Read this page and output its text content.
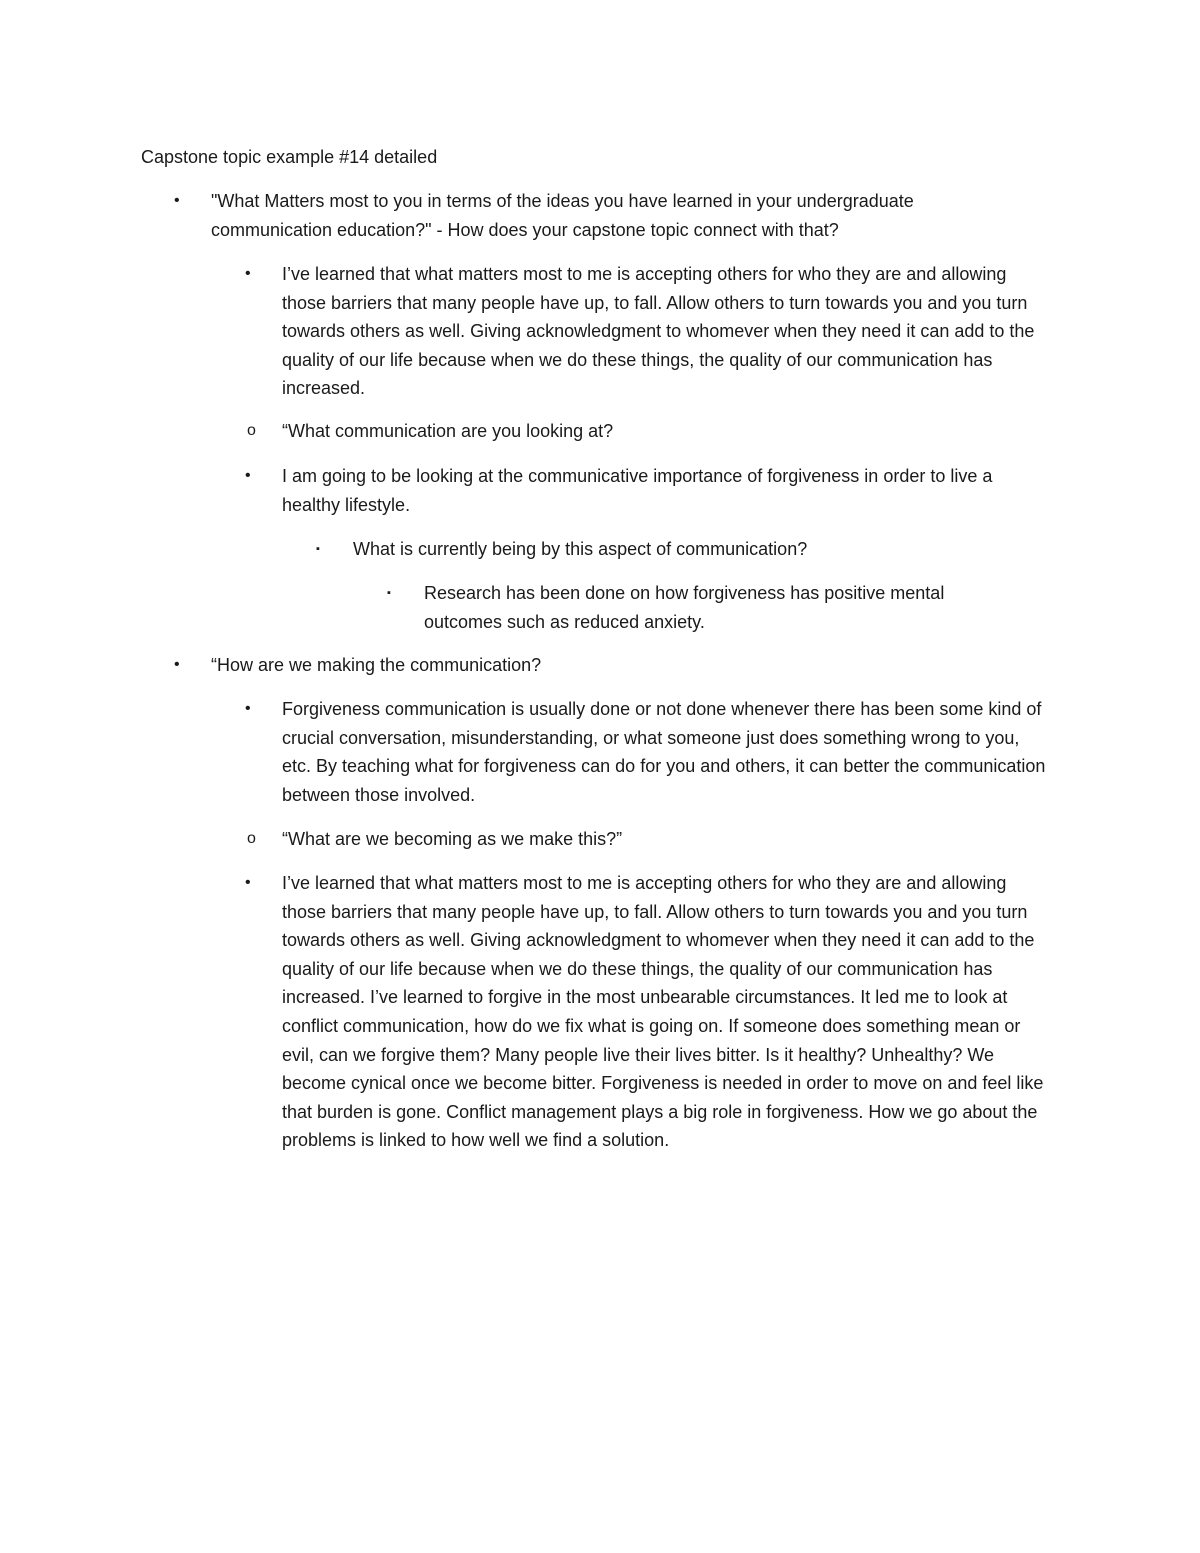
Capstone topic example #14 detailed
• "What Matters most to you in terms of the ideas you have learned in your undergraduate communication education?" - How does your capstone topic connect with that?
• I’ve learned that what matters most to me is accepting others for who they are and allowing those barriers that many people have up, to fall. Allow others to turn towards you and you turn towards others as well. Giving acknowledgment to whomever when they need it can add to the quality of our life because when we do these things, the quality of our communication has increased.
o “What communication are you looking at?
• I am going to be looking at the communicative importance of forgiveness in order to live a healthy lifestyle.
▪ What is currently being by this aspect of communication?
▪ Research has been done on how forgiveness has positive mental outcomes such as reduced anxiety.
• “How are we making the communication?
• Forgiveness communication is usually done or not done whenever there has been some kind of crucial conversation, misunderstanding, or what someone just does something wrong to you, etc. By teaching what for forgiveness can do for you and others, it can better the communication between those involved.
o “What are we becoming as we make this?”
• I’ve learned that what matters most to me is accepting others for who they are and allowing those barriers that many people have up, to fall. Allow others to turn towards you and you turn towards others as well. Giving acknowledgment to whomever when they need it can add to the quality of our life because when we do these things, the quality of our communication has increased. I’ve learned to forgive in the most unbearable circumstances. It led me to look at conflict communication, how do we fix what is going on. If someone does something mean or evil, can we forgive them? Many people live their lives bitter. Is it healthy? Unhealthy? We become cynical once we become bitter. Forgiveness is needed in order to move on and feel like that burden is gone. Conflict management plays a big role in forgiveness. How we go about the problems is linked to how well we find a solution.
